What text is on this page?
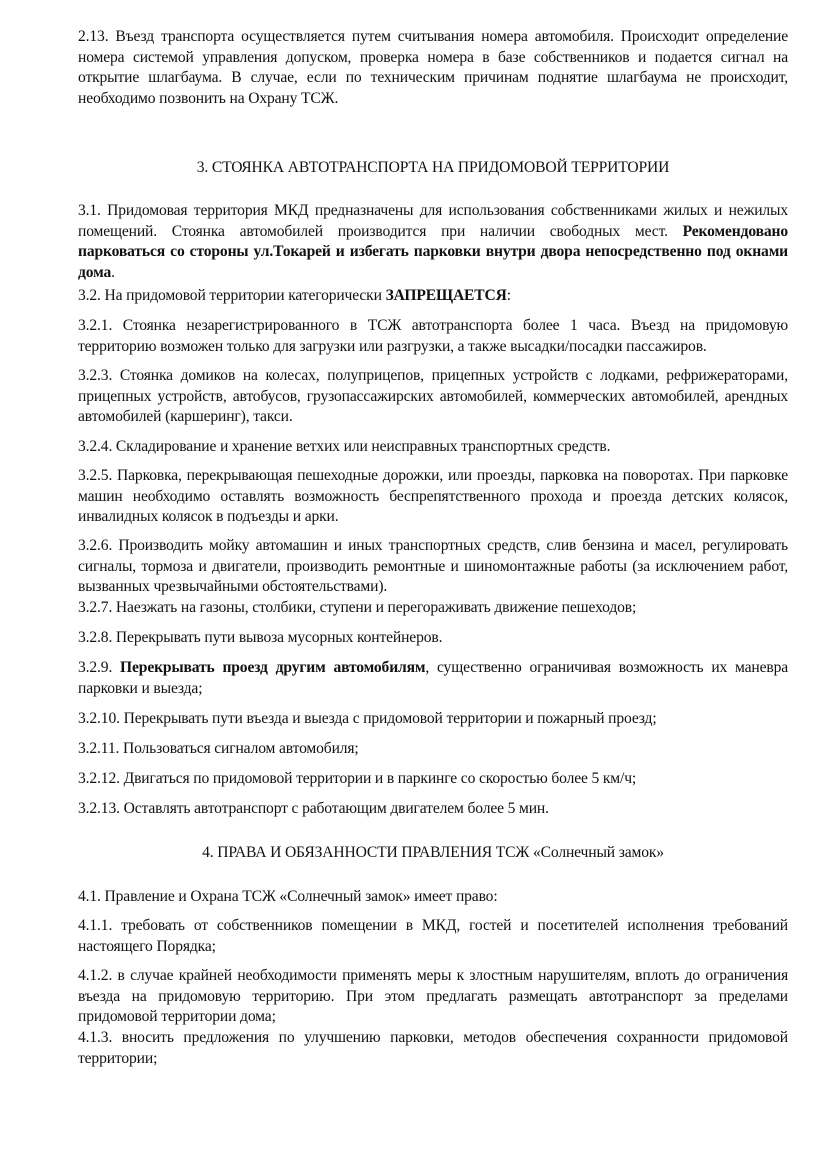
2.13. Въезд транспорта осуществляется путем считывания номера автомобиля. Происходит определение номера системой управления допуском, проверка номера в базе собственников и подается сигнал на открытие шлагбаума. В случае, если по техническим причинам поднятие шлагбаума не происходит, необходимо позвонить на Охрану ТСЖ.

3. СТОЯНКА АВТОТРАНСПОРТА НА ПРИДОМОВОЙ ТЕРРИТОРИИ

3.1. Придомовая территория МКД предназначены для использования собственниками жилых и нежилых помещений. Стоянка автомобилей производится при наличии свободных мест. Рекомендовано парковаться со стороны ул.Токарей и избегать парковки внутри двора непосредственно под окнами дома.

3.2. На придомовой территории категорически ЗАПРЕЩАЕТСЯ:

3.2.1. Стоянка незарегистрированного в ТСЖ автотранспорта более 1 часа. Въезд на придомовую территорию возможен только для загрузки или разгрузки, а также высадки/посадки пассажиров.

3.2.3. Стоянка домиков на колесах, полуприцепов, прицепных устройств с лодками, рефрижераторами, прицепных устройств, автобусов, грузопассажирских автомобилей, коммерческих автомобилей, арендных автомобилей (каршеринг), такси.

3.2.4. Складирование и хранение ветхих или неисправных транспортных средств.

3.2.5. Парковка, перекрывающая пешеходные дорожки, или проезды, парковка на поворотах. При парковке машин необходимо оставлять возможность беспрепятственного прохода и проезда детских колясок, инвалидных колясок в подъезды и арки.

3.2.6. Производить мойку автомашин и иных транспортных средств, слив бензина и масел, регулировать сигналы, тормоза и двигатели, производить ремонтные и шиномонтажные работы (за исключением работ, вызванных чрезвычайными обстоятельствами).

3.2.7. Наезжать на газоны, столбики, ступени и перегораживать движение пешеходов;

3.2.8. Перекрывать пути вывоза мусорных контейнеров.

3.2.9. Перекрывать проезд другим автомобилям, существенно ограничивая возможность их маневра парковки и выезда;

3.2.10. Перекрывать пути въезда и выезда с придомовой территории и пожарный проезд;

3.2.11. Пользоваться сигналом автомобиля;

3.2.12. Двигаться по придомовой территории и в паркинге со скоростью более 5 км/ч;

3.2.13. Оставлять автотранспорт с работающим двигателем более 5 мин.

4. ПРАВА И ОБЯЗАННОСТИ ПРАВЛЕНИЯ ТСЖ «Солнечный замок»

4.1. Правление и Охрана ТСЖ «Солнечный замок» имеет право:

4.1.1. требовать от собственников помещении в МКД, гостей и посетителей исполнения требований настоящего Порядка;

4.1.2. в случае крайней необходимости применять меры к злостным нарушителям, вплоть до ограничения въезда на придомовую территорию. При этом предлагать размещать автотранспорт за пределами придомовой территории дома;

4.1.3. вносить предложения по улучшению парковки, методов обеспечения сохранности придомовой территории;
